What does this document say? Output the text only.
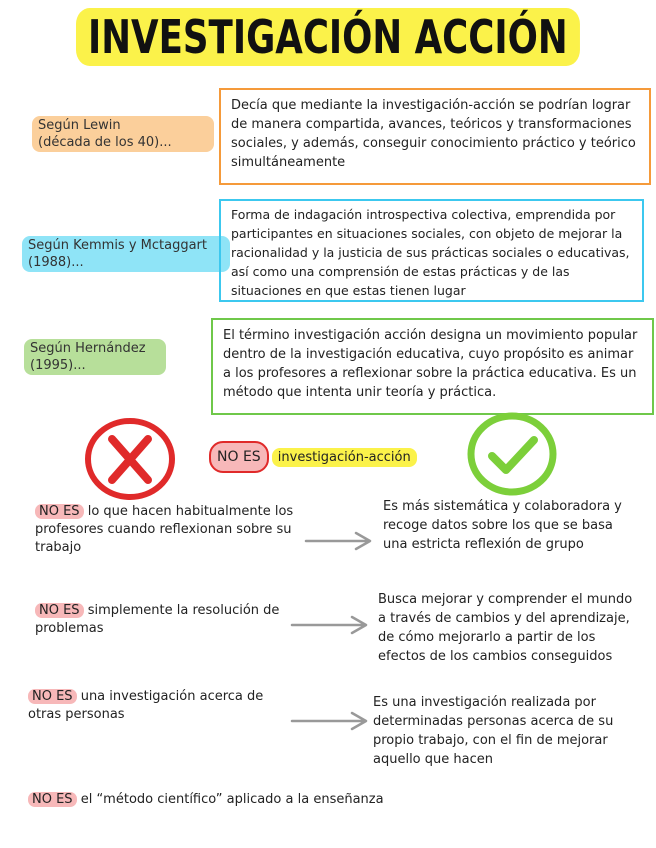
INVESTIGACIÓN ACCIÓN
Según Lewin
(década de los 40)...
Decía que mediante la investigación-acción se podrían lograr de manera compartida, avances, teóricos y transformaciones sociales, y además, conseguir conocimiento práctico y teórico simultáneamente
Según Kemmis y Mctaggart
(1988)...
Forma de indagación introspectiva colectiva, emprendida por participantes en situaciones sociales, con objeto de mejorar la racionalidad y la justicia de sus prácticas sociales o educativas, así como una comprensión de estas prácticas y de las situaciones en que estas tienen lugar
Según Hernández
(1995)...
El término investigación acción designa un movimiento popular dentro de la investigación educativa, cuyo propósito es animar a los profesores a reflexionar sobre la práctica educativa. Es un método que intenta unir teoría y práctica.
NO ES investigación-acción
NO ES lo que hacen habitualmente los profesores cuando reflexionan sobre su trabajo
Es más sistemática y colaboradora y recoge datos sobre los que se basa una estricta reflexión de grupo
NO ES simplemente la resolución de problemas
Busca mejorar y comprender el mundo a través de cambios y del aprendizaje, de cómo mejorarlo a partir de los efectos de los cambios conseguidos
NO ES una investigación acerca de otras personas
Es una investigación realizada por determinadas personas acerca de su propio trabajo, con el fin de mejorar aquello que hacen
NO ES el “método científico” aplicado a la enseñanza
